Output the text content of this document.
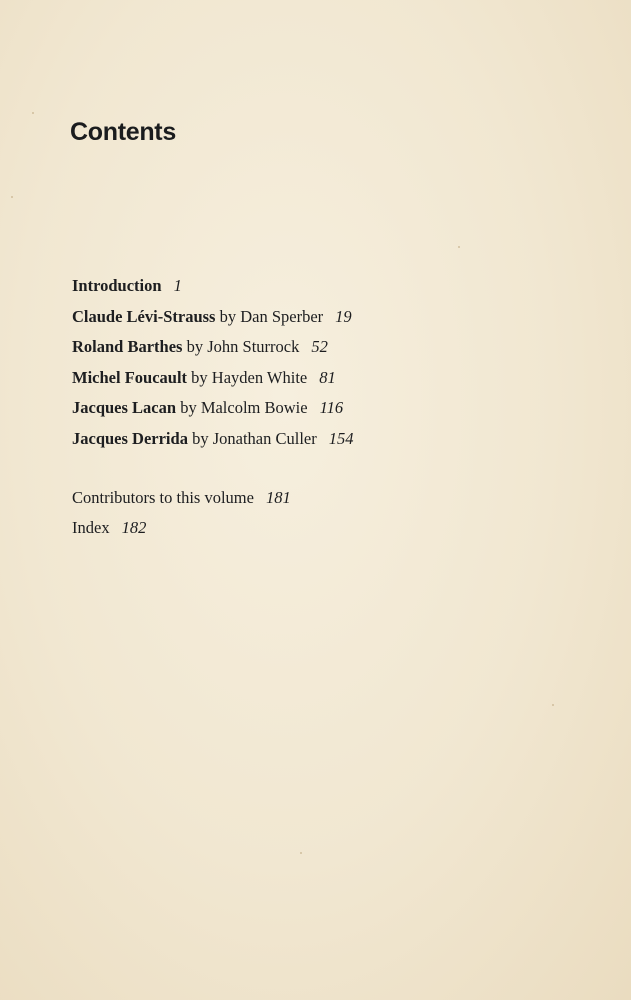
Contents
Introduction 1
Claude Lévi-Strauss by Dan Sperber 19
Roland Barthes by John Sturrock 52
Michel Foucault by Hayden White 81
Jacques Lacan by Malcolm Bowie 116
Jacques Derrida by Jonathan Culler 154
Contributors to this volume 181
Index 182
